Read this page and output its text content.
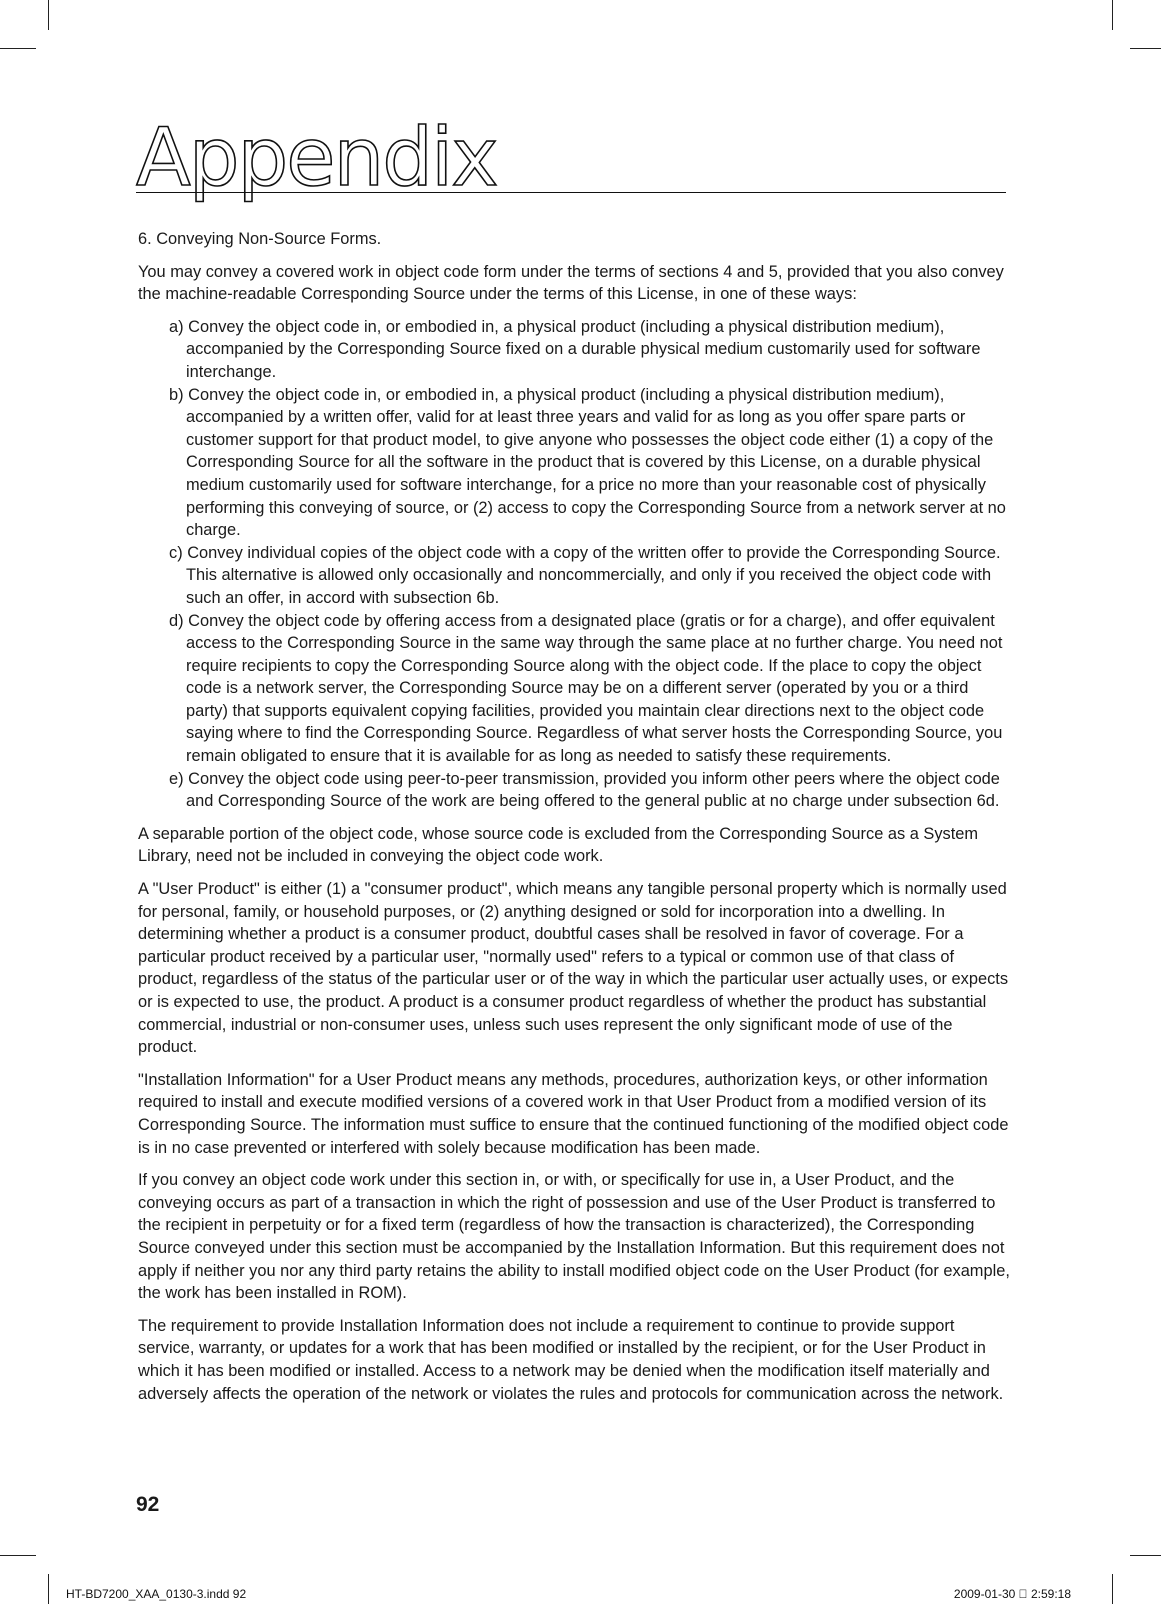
Appendix

6. Conveying Non-Source Forms.

You may convey a covered work in object code form under the terms of sections 4 and 5, provided that you also convey the machine-readable Corresponding Source under the terms of this License, in one of these ways:

a) Convey the object code in, or embodied in, a physical product (including a physical distribution medium), accompanied by the Corresponding Source fixed on a durable physical medium customarily used for software interchange.
b) Convey the object code in, or embodied in, a physical product (including a physical distribution medium), accompanied by a written offer, valid for at least three years and valid for as long as you offer spare parts or customer support for that product model, to give anyone who possesses the object code either (1) a copy of the Corresponding Source for all the software in the product that is covered by this License, on a durable physical medium customarily used for software interchange, for a price no more than your reasonable cost of physically performing this conveying of source, or (2) access to copy the Corresponding Source from a network server at no charge.
c) Convey individual copies of the object code with a copy of the written offer to provide the Corresponding Source. This alternative is allowed only occasionally and noncommercially, and only if you received the object code with such an offer, in accord with subsection 6b.
d) Convey the object code by offering access from a designated place (gratis or for a charge), and offer equivalent access to the Corresponding Source in the same way through the same place at no further charge. You need not require recipients to copy the Corresponding Source along with the object code. If the place to copy the object code is a network server, the Corresponding Source may be on a different server (operated by you or a third party) that supports equivalent copying facilities, provided you maintain clear directions next to the object code saying where to find the Corresponding Source. Regardless of what server hosts the Corresponding Source, you remain obligated to ensure that it is available for as long as needed to satisfy these requirements.
e) Convey the object code using peer-to-peer transmission, provided you inform other peers where the object code and Corresponding Source of the work are being offered to the general public at no charge under subsection 6d.

A separable portion of the object code, whose source code is excluded from the Corresponding Source as a System Library, need not be included in conveying the object code work.

A "User Product" is either (1) a "consumer product", which means any tangible personal property which is normally used for personal, family, or household purposes, or (2) anything designed or sold for incorporation into a dwelling. In determining whether a product is a consumer product, doubtful cases shall be resolved in favor of coverage. For a particular product received by a particular user, "normally used" refers to a typical or common use of that class of product, regardless of the status of the particular user or of the way in which the particular user actually uses, or expects or is expected to use, the product. A product is a consumer product regardless of whether the product has substantial commercial, industrial or non-consumer uses, unless such uses represent the only significant mode of use of the product.

"Installation Information" for a User Product means any methods, procedures, authorization keys, or other information required to install and execute modified versions of a covered work in that User Product from a modified version of its Corresponding Source. The information must suffice to ensure that the continued functioning of the modified object code is in no case prevented or interfered with solely because modification has been made.

If you convey an object code work under this section in, or with, or specifically for use in, a User Product, and the conveying occurs as part of a transaction in which the right of possession and use of the User Product is transferred to the recipient in perpetuity or for a fixed term (regardless of how the transaction is characterized), the Corresponding Source conveyed under this section must be accompanied by the Installation Information. But this requirement does not apply if neither you nor any third party retains the ability to install modified object code on the User Product (for example, the work has been installed in ROM).

The requirement to provide Installation Information does not include a requirement to continue to provide support service, warranty, or updates for a work that has been modified or installed by the recipient, or for the User Product in which it has been modified or installed. Access to a network may be denied when the modification itself materially and adversely affects the operation of the network or violates the rules and protocols for communication across the network.

92
HT-BD7200_XAA_0130-3.indd 92	2009-01-30   2:59:18
